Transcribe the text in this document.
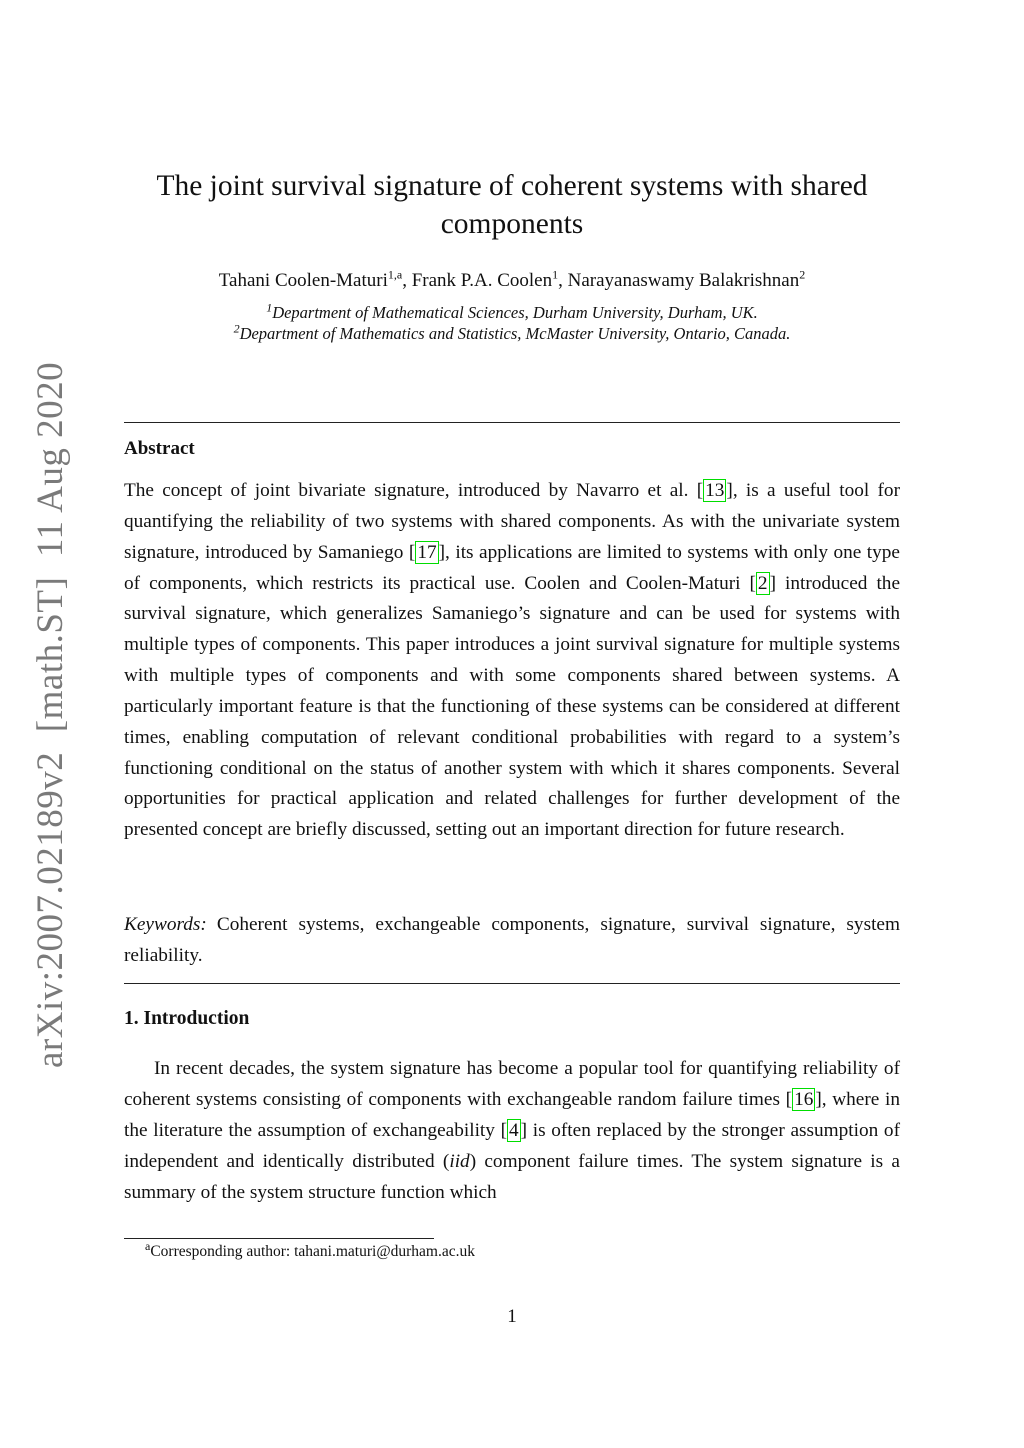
arXiv:2007.02189v2  [math.ST]  11 Aug 2020
The joint survival signature of coherent systems with shared components
Tahani Coolen-Maturi$^{1,a}$, Frank P.A. Coolen$^1$, Narayanaswamy Balakrishnan$^2$
$^1$Department of Mathematical Sciences, Durham University, Durham, UK.
$^2$Department of Mathematics and Statistics, McMaster University, Ontario, Canada.
Abstract

The concept of joint bivariate signature, introduced by Navarro et al. [ 13 ], is a useful tool for quantifying the reliability of two systems with shared components. As with the univariate system signature, introduced by Samaniego [ 17 ], its applications are limited to systems with only one type of components, which restricts its practical use. Coolen and Coolen-Maturi [ 2 ] introduced the survival signature, which generalizes Samaniego’s signature and can be used for systems with multiple types of components. This paper introduces a joint survival signature for multiple systems with multiple types of components and with some components shared between systems. A particularly important feature is that the functioning of these systems can be considered at different times, enabling computation of relevant conditional probabilities with regard to a system’s functioning conditional on the status of another system with which it shares components. Several opportunities for practical application and related challenges for further development of the presented concept are briefly discussed, setting out an important direction for future research.

Keywords: Coherent systems, exchangeable components, signature, survival signature, system reliability.

1. Introduction

In recent decades, the system signature has become a popular tool for quantifying reliability of coherent systems consisting of components with exchangeable random failure times [ 16 ], where in the literature the assumption of exchangeability [ 4 ] is often replaced by the stronger assumption of independent and identically distributed (iid) component failure times. The system signature is a summary of the system structure function which

$^a$Corresponding author: tahani.maturi@durham.ac.uk
1
